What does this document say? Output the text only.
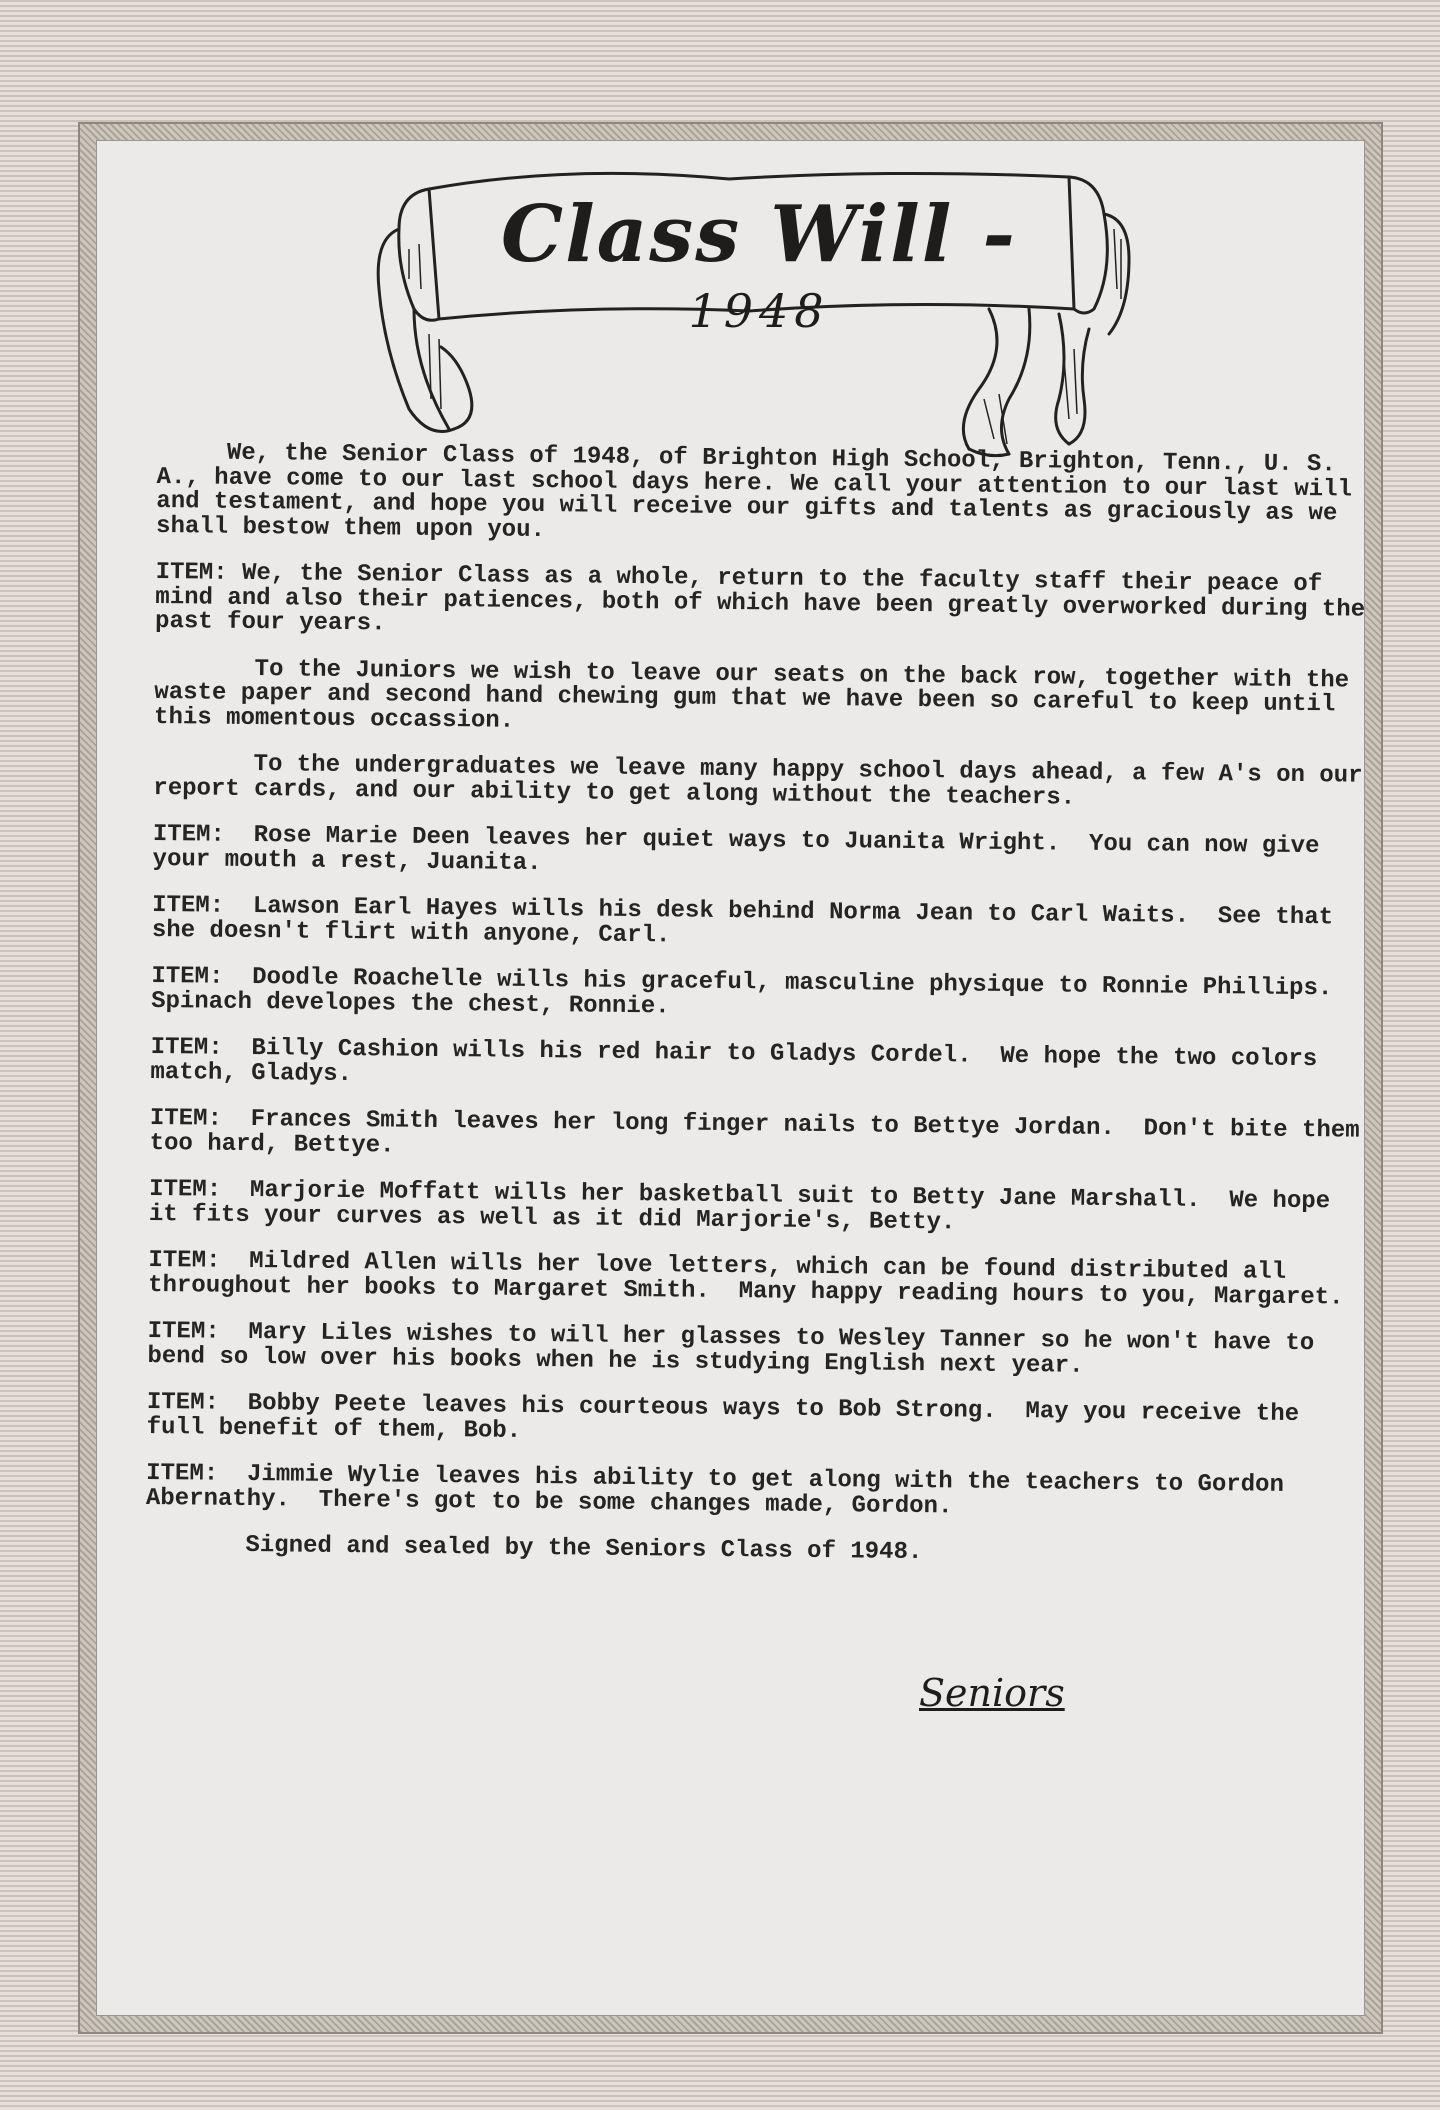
Class Will -
1948

We, the Senior Class of 1948, of Brighton High School, Brighton, Tenn., U. S. A., have come to our last school days here. We call your attention to our last will and testament, and hope you will receive our gifts and talents as graciously as we shall bestow them upon you.

ITEM: We, the Senior Class as a whole, return to the faculty staff their peace of mind and also their patiences, both of which have been greatly overworked during the past four years.

To the Juniors we wish to leave our seats on the back row, together with the waste paper and second hand chewing gum that we have been so careful to keep until this momentous occassion.

To the undergraduates we leave many happy school days ahead, a few A's on our report cards, and our ability to get along without the teachers.

ITEM:  Rose Marie Deen leaves her quiet ways to Juanita Wright.  You can now give your mouth a rest, Juanita.

ITEM:  Lawson Earl Hayes wills his desk behind Norma Jean to Carl Waits.  See that she doesn't flirt with anyone, Carl.

ITEM:  Doodle Roachelle wills his graceful, masculine physique to Ronnie Phillips.  Spinach developes the chest, Ronnie.

ITEM:  Billy Cashion wills his red hair to Gladys Cordel.  We hope the two colors match, Gladys.

ITEM:  Frances Smith leaves her long finger nails to Bettye Jordan.  Don't bite them too hard, Bettye.

ITEM:  Marjorie Moffatt wills her basketball suit to Betty Jane Marshall.  We hope it fits your curves as well as it did Marjorie's, Betty.

ITEM:  Mildred Allen wills her love letters, which can be found distributed all throughout her books to Margaret Smith.  Many happy reading hours to you, Margaret.

ITEM:  Mary Liles wishes to will her glasses to Wesley Tanner so he won't have to bend so low over his books when he is studying English next year.

ITEM:  Bobby Peete leaves his courteous ways to Bob Strong.  May you receive the full benefit of them, Bob.

ITEM:  Jimmie Wylie leaves his ability to get along with the teachers to Gordon Abernathy.  There's got to be some changes made, Gordon.

Signed and sealed by the Seniors Class of 1948.

Seniors
